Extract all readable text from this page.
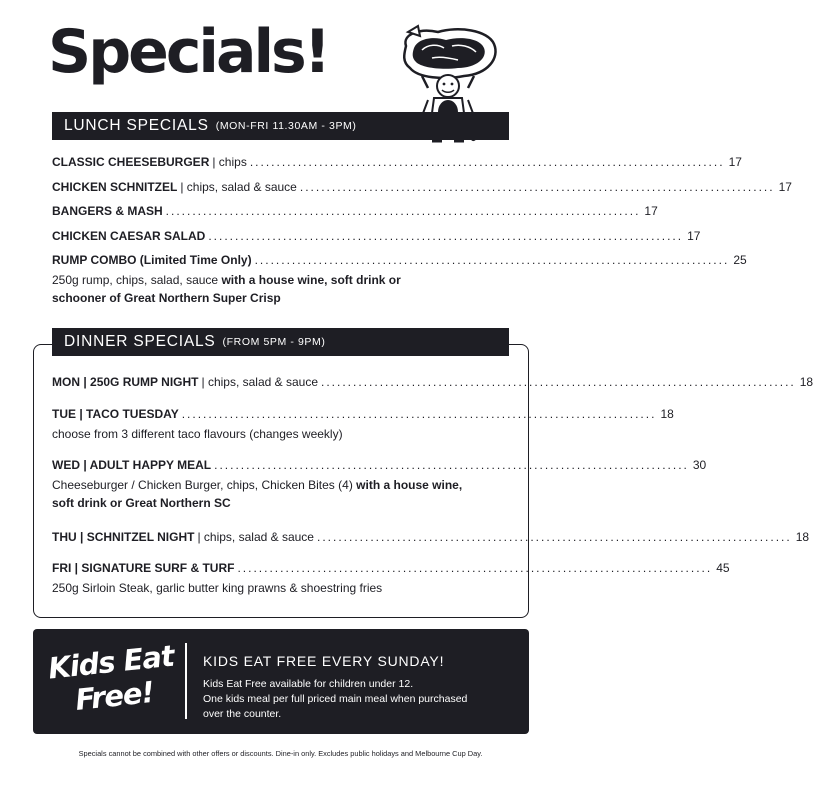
Specials!
LUNCH SPECIALS (MON-FRI 11.30AM - 3PM)
CLASSIC CHEESEBURGER | chips ......................................................................................... 17
CHICKEN SCHNITZEL | chips, salad & sauce ......................................................................................... 17
BANGERS & MASH ......................................................................................... 17
CHICKEN CAESAR SALAD ......................................................................................... 17
RUMP COMBO (Limited Time Only) ......................................................................................... 25
250g rump, chips, salad, sauce with a house wine, soft drink or schooner of Great Northern Super Crisp
DINNER SPECIALS (FROM 5PM - 9PM)
MON | 250G RUMP NIGHT | chips, salad & sauce ......................................................................................... 18
TUE | TACO TUESDAY ......................................................................................... 18
choose from 3 different taco flavours (changes weekly)
WED | ADULT HAPPY MEAL ......................................................................................... 30
Cheeseburger / Chicken Burger, chips, Chicken Bites (4) with a house wine, soft drink or Great Northern SC
THU | SCHNITZEL NIGHT | chips, salad & sauce ......................................................................................... 18
FRI | SIGNATURE SURF & TURF ......................................................................................... 45
250g Sirloin Steak, garlic butter king prawns & shoestring fries
Kids Eat
Free!
KIDS EAT FREE EVERY SUNDAY!
Kids Eat Free available for children under 12.
One kids meal per full priced main meal when purchased
over the counter.
Specials cannot be combined with other offers or discounts. Dine-in only. Excludes public holidays and Melbourne Cup Day.
